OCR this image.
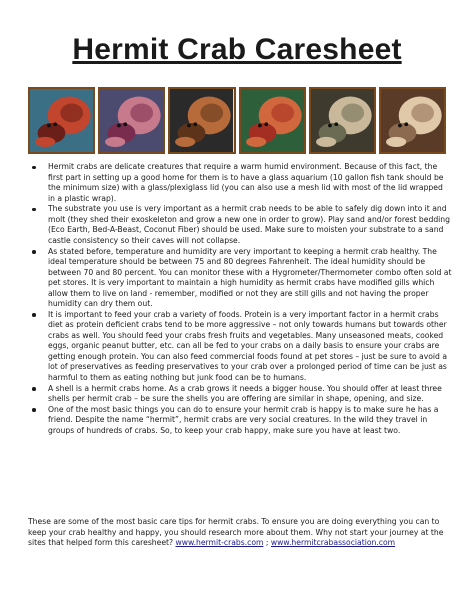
Hermit Crab Caresheet
Hermit crabs are delicate creatures that require a warm humid environment. Because of this fact, the first part in setting up a good home for them is to have a glass aquarium (10 gallon fish tank should be the minimum size) with a glass/plexiglass lid (you can also use a mesh lid with most of the lid wrapped in a plastic wrap).
The substrate you use is very important as a hermit crab needs to be able to safely dig down into it and molt (they shed their exoskeleton and grow a new one in order to grow). Play sand and/or forest bedding (Eco Earth, Bed-A-Beast, Coconut Fiber) should be used. Make sure to moisten your substrate to a sand castle consistency so their caves will not collapse.
As stated before, temperature and humidity are very important to keeping a hermit crab healthy. The ideal temperature should be between 75 and 80 degrees Fahrenheit. The ideal humidity should be between 70 and 80 percent. You can monitor these with a Hygrometer/Thermometer combo often sold at pet stores. It is very important to maintain a high humidity as hermit crabs have modified gills which allow them to live on land - remember, modified or not they are still gills and not having the proper humidity can dry them out.
It is important to feed your crab a variety of foods. Protein is a very important factor in a hermit crabs diet as protein deficient crabs tend to be more aggressive – not only towards humans but towards other crabs as well. You should feed your crabs fresh fruits and vegetables. Many unseasoned meats, cooked eggs, organic peanut butter, etc. can all be fed to your crabs on a daily basis to ensure your crabs are getting enough protein. You can also feed commercial foods found at pet stores – just be sure to avoid a lot of preservatives as feeding preservatives to your crab over a prolonged period of time can be just as harmful to them as eating nothing but junk food can be to humans.
A shell is a hermit crabs home. As a crab grows it needs a bigger house. You should offer at least three shells per hermit crab – be sure the shells you are offering are similar in shape, opening, and size.
One of the most basic things you can do to ensure your hermit crab is happy is to make sure he has a friend. Despite the name “hermit”, hermit crabs are very social creatures. In the wild they travel in groups of hundreds of crabs. So, to keep your crab happy, make sure you have at least two.

These are some of the most basic care tips for hermit crabs. To ensure you are doing everything you can to keep your crab healthy and happy, you should research more about them. Why not start your journey at the sites that helped form this caresheet? www.hermit-crabs.com ; www.hermitcrabassociation.com
